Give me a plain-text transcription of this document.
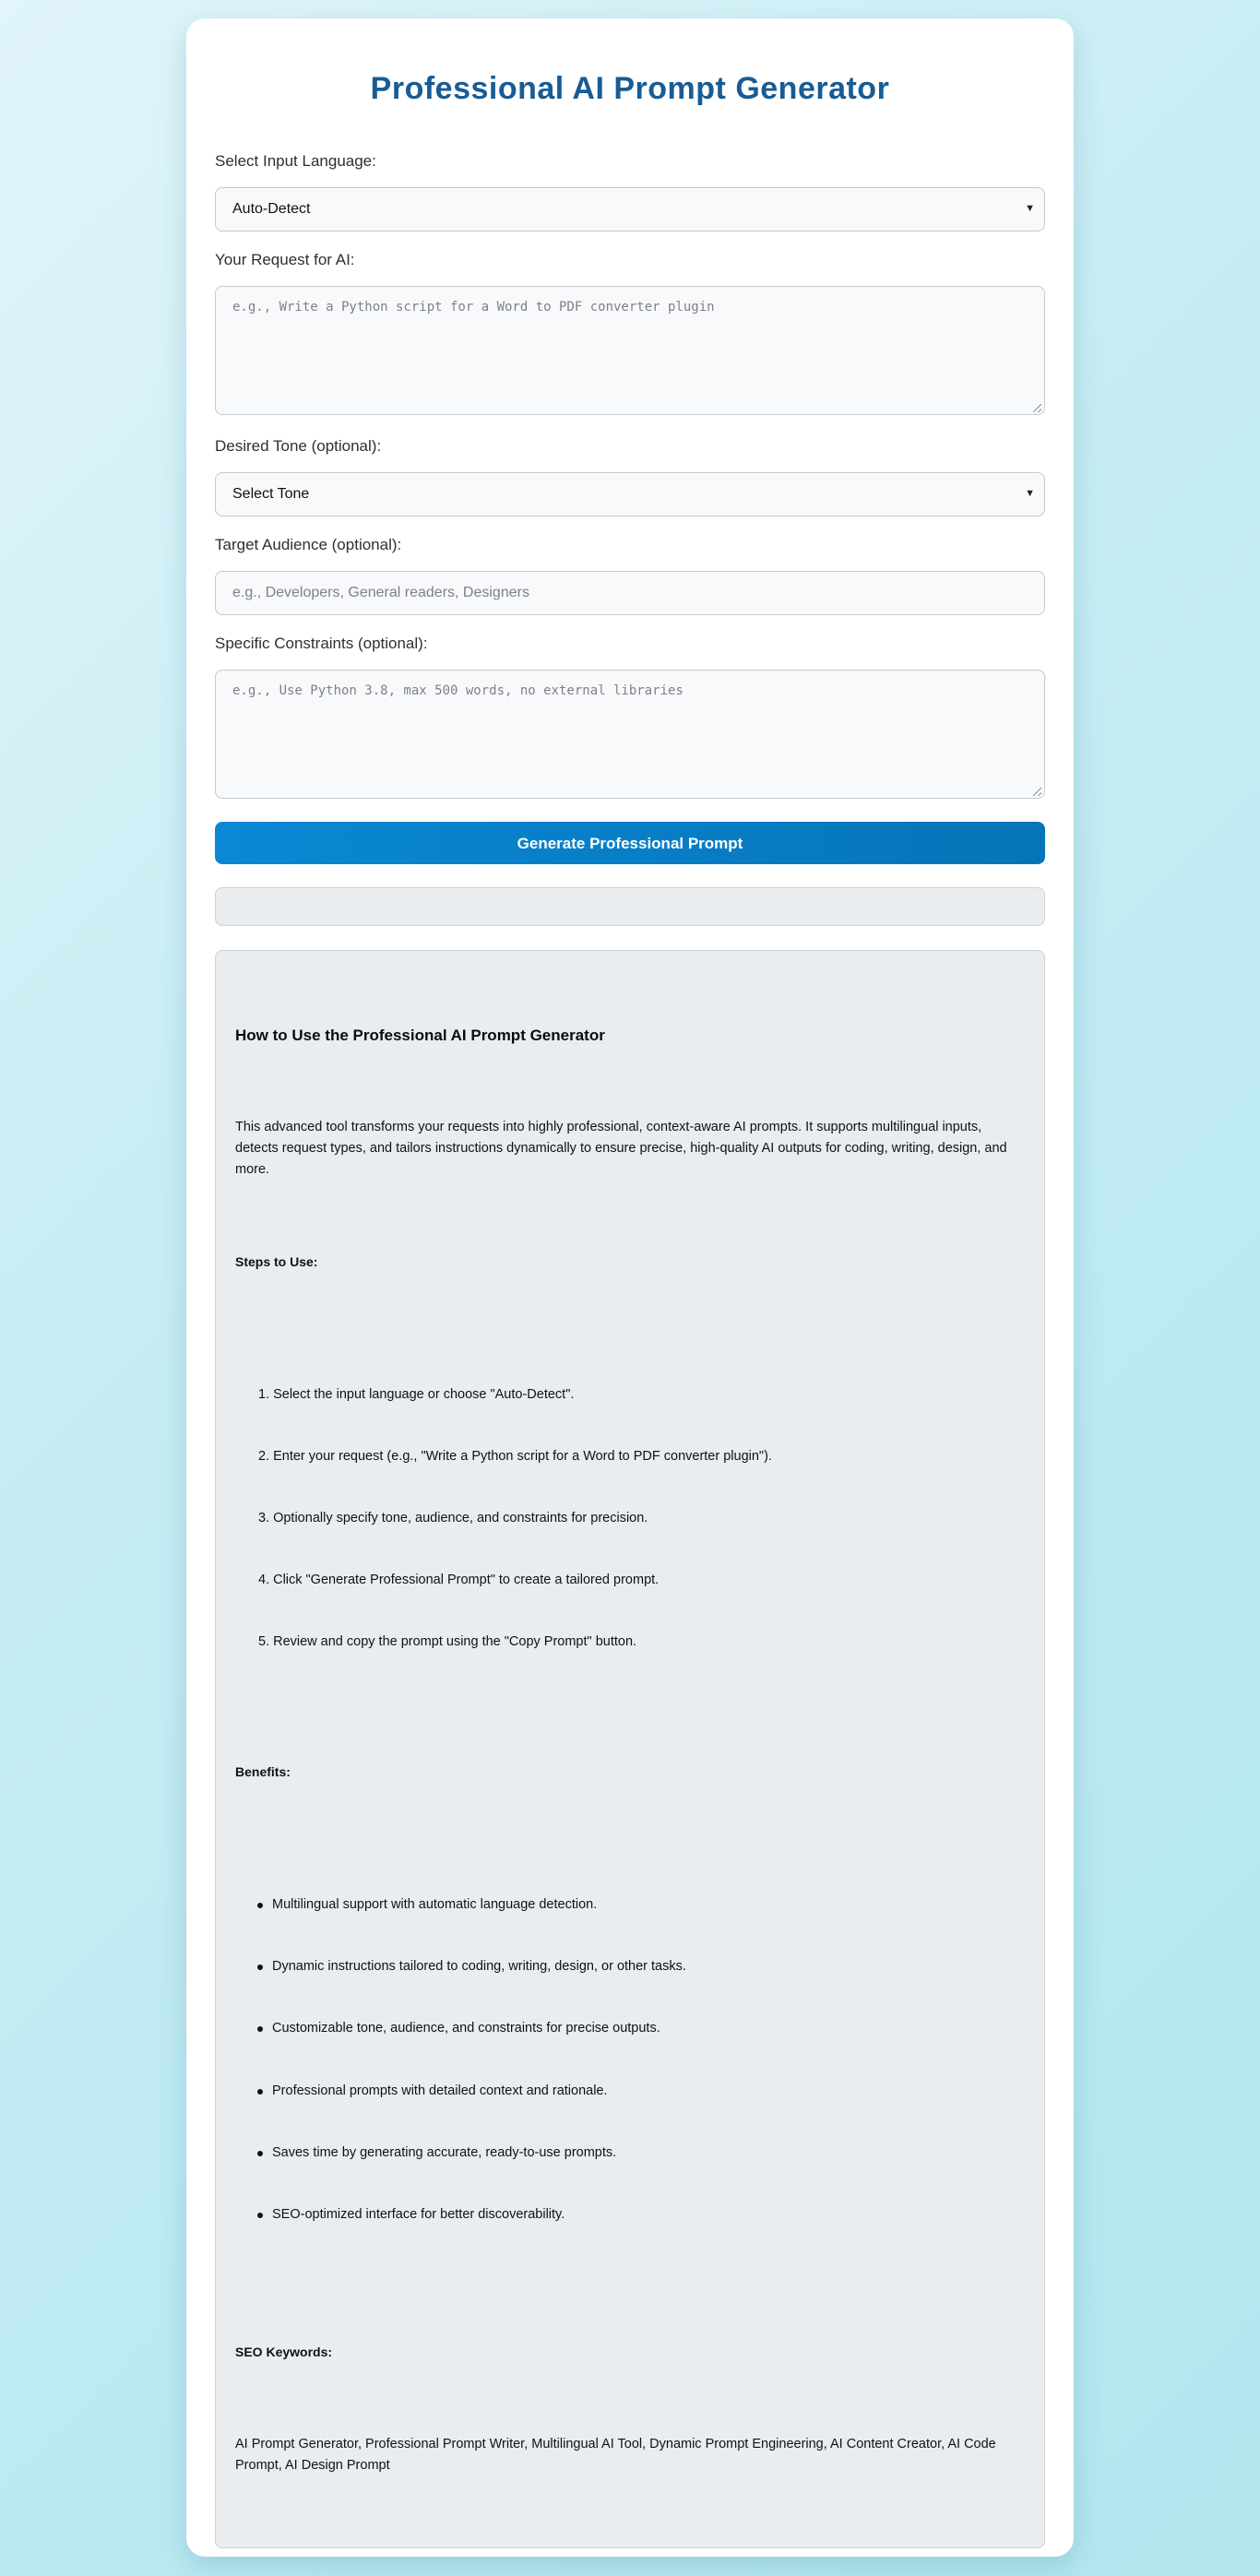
Professional AI Prompt Generator
Select Input Language:
Auto-Detect	▼
Your Request for AI:
e.g., Write a Python script for a Word to PDF converter plugin
Desired Tone (optional):
Select Tone	▼
Target Audience (optional):
e.g., Developers, General readers, Designers
Specific Constraints (optional):
e.g., Use Python 3.8, max 500 words, no external libraries
Generate Professional Prompt
How to Use the Professional AI Prompt Generator
This advanced tool transforms your requests into highly professional, context-aware AI prompts. It supports multilingual inputs, detects request types, and tailors instructions dynamically to ensure precise, high-quality AI outputs for coding, writing, design, and more.
Steps to Use:
1. Select the input language or choose "Auto-Detect".
2. Enter your request (e.g., "Write a Python script for a Word to PDF converter plugin").
3. Optionally specify tone, audience, and constraints for precision.
4. Click "Generate Professional Prompt" to create a tailored prompt.
5. Review and copy the prompt using the "Copy Prompt" button.
Benefits:
Multilingual support with automatic language detection.
Dynamic instructions tailored to coding, writing, design, or other tasks.
Customizable tone, audience, and constraints for precise outputs.
Professional prompts with detailed context and rationale.
Saves time by generating accurate, ready-to-use prompts.
SEO-optimized interface for better discoverability.
SEO Keywords:
AI Prompt Generator, Professional Prompt Writer, Multilingual AI Tool, Dynamic Prompt Engineering, AI Content Creator, AI Code Prompt, AI Design Prompt
